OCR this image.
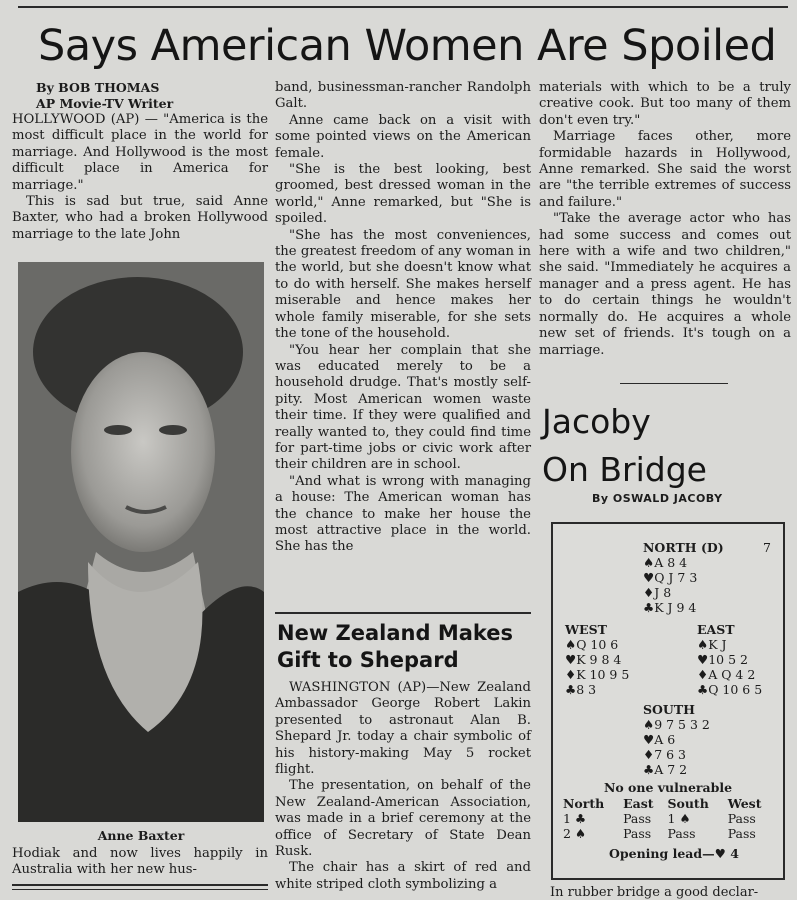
Says American Women Are Spoiled
By BOB THOMAS
AP Movie-TV Writer

HOLLYWOOD (AP) — "America is the most difficult place in the world for marriage. And Hollywood is the most difficult place in America for marriage."

This is sad but true, said Anne Baxter, who had a broken Hollywood marriage to the late John

Anne Baxter
Hodiak and now lives happily in Australia with her new hus-

band, businessman-rancher Randolph Galt.

Anne came back on a visit with some pointed views on the American female.

"She is the best looking, best groomed, best dressed woman in the world," Anne remarked, but "She is spoiled.

"She has the most conveniences, the greatest freedom of any woman in the world, but she doesn't know what to do with herself. She makes herself miserable and hence makes her whole family miserable, for she sets the tone of the household.

"You hear her complain that she was educated merely to be a household drudge. That's mostly self-pity. Most American women waste their time. If they were qualified and really wanted to, they could find time for part-time jobs or civic work after their children are in school.

"And what is wrong with managing a house: The American woman has the chance to make her house the most attractive place in the world. She has the

New Zealand Makes Gift to Shepard

WASHINGTON (AP)—New Zealand Ambassador George Robert Lakin presented to astronaut Alan B. Shepard Jr. today a chair symbolic of his history-making May 5 rocket flight.

The presentation, on behalf of the New Zealand-American Association, was made in a brief ceremony at the office of Secretary of State Dean Rusk.

The chair has a skirt of red and white striped cloth symbolizing a

materials with which to be a truly creative cook. But too many of them don't even try."

Marriage faces other, more formidable hazards in Hollywood, Anne remarked. She said the worst are "the terrible extremes of success and failure."

"Take the average actor who has had some success and comes out here with a wife and two children," she said. "Immediately he acquires a manager and a press agent. He has to do certain things he wouldn't normally do. He acquires a whole new set of friends. It's tough on a marriage.

Jacoby
On Bridge
By OSWALD JACOBY
NORTH (D)
♠A 8 4
♥Q J 7 3
♦J 8
♣K J 9 4
7
WEST
♠Q 10 6
♥K 9 8 4
♦K 10 9 5
♣8 3
EAST
♠K J
♥10 5 2
♦A Q 4 2
♣Q 10 6 5
SOUTH
♠9 7 5 3 2
♥A 6
♦7 6 3
♣A 7 2
No one vulnerable
North	East	South	West
1 ♣	Pass	1 ♠	Pass
2 ♠	Pass	Pass	Pass
Opening lead—♥ 4
In rubber bridge a good declar-
